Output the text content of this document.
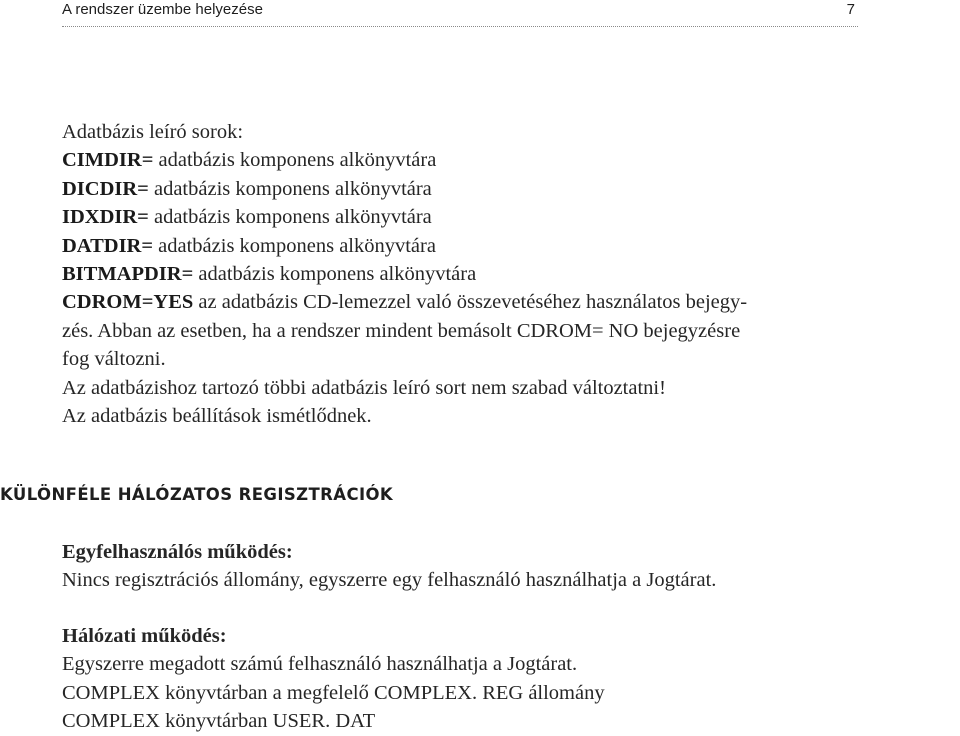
A rendszer üzembe helyezése	7
Adatbázis leíró sorok:
CIMDIR= adatbázis komponens alkönyvtára
DICDIR= adatbázis komponens alkönyvtára
IDXDIR= adatbázis komponens alkönyvtára
DATDIR= adatbázis komponens alkönyvtára
BITMAPDIR= adatbázis komponens alkönyvtára
CDROM=YES az adatbázis CD-lemezzel való összevetéséhez használatos bejegy-
zés. Abban az esetben, ha a rendszer mindent bemásolt CDROM= NO bejegyzésre
fog változni.
Az adatbázishoz tartozó többi adatbázis leíró sort nem szabad változtatni!
Az adatbázis beállítások ismétlődnek.
KÜLÖNFÉLE HÁLÓZATOS REGISZTRÁCIÓK
Egyfelhasználós működés:
Nincs regisztrációs állomány, egyszerre egy felhasználó használhatja a Jogtárat.
Hálózati működés:
Egyszerre megadott számú felhasználó használhatja a Jogtárat.
COMPLEX könyvtárban a megfelelő COMPLEX. REG állomány
COMPLEX könyvtárban USER. DAT
